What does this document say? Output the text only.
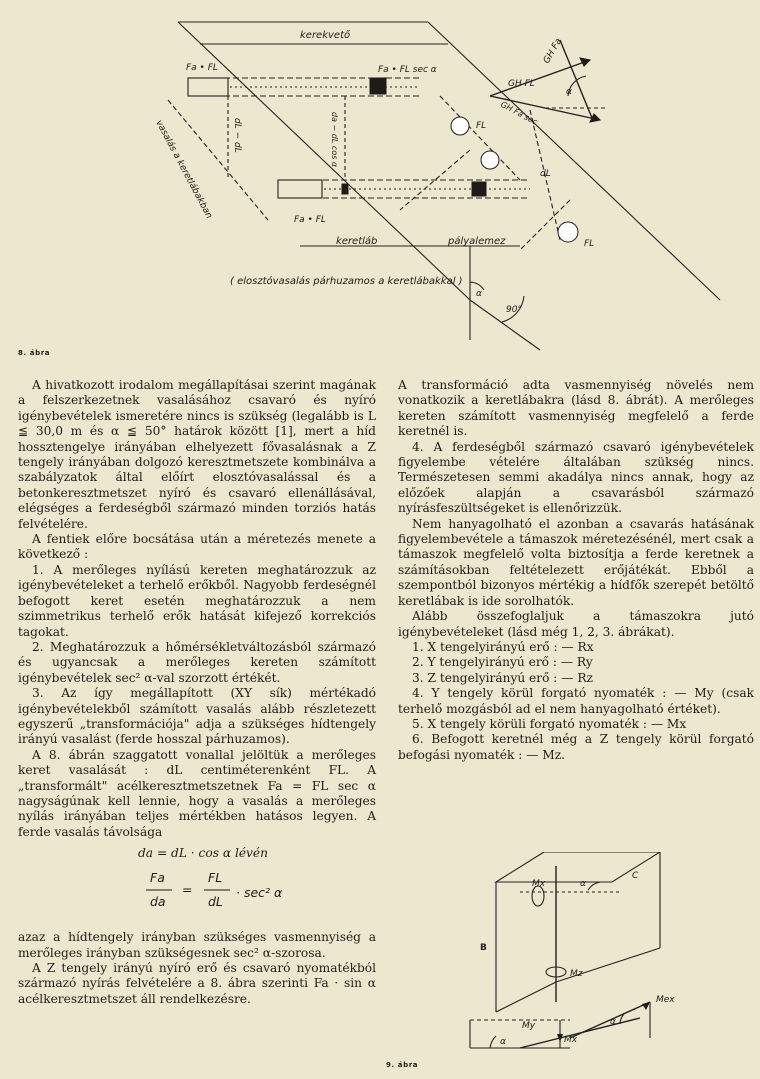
kerekvető
Fa • FL	Fa • FL sec α
GH FL
GH Fa
GH Fa sec
dL − dL	da − dL cos α
dL
FL
FL
Fa • FL
vasalás a keretlábakban
keretláb	pályalemez
( elosztóvasalás párhuzamos a keretlábakkal )
α
α
90°
8. ábra

A hivatkozott irodalom megállapításai szerint magának a felszerkezetnek vasalásához csavaró és nyíró igénybevételek ismeretére nincs is szükség (legalább is L ≦ 30,0 m és α ≦ 50° határok között [1], mert a híd hossztengelye irányában elhelyezett fővasalásnak a Z tengely irányában dolgozó keresztmetszete kombinálva a szabályzatok által előírt elosztóvasalással és a betonkeresztmetszet nyíró és csavaró ellenállásával, elégséges a ferdeségből származó minden torziós hatás felvételére.

A fentiek előre bocsátása után a méretezés menete a következő :

1. A merőleges nyílású kereten meghatározzuk az igénybevételeket a terhelő erőkből. Nagyobb ferdeségnél befogott keret esetén meghatározzuk a nem szimmetrikus terhelő erők hatását kifejező korrekciós tagokat.

2. Meghatározzuk a hőmérsékletváltozásból származó és ugyancsak a merőleges kereten számított igénybevételek sec² α-val szorzott értékét.

3. Az így megállapított (XY sík) mértékadó igénybevételekből számított vasalás alább részletezett egyszerű „transformációja" adja a szükséges hídtengely irányú vasalást (ferde hosszal párhuzamos).

A 8. ábrán szaggatott vonallal jelöltük a merőleges keret vasalását : dL centiméterenként FL. A „transformált" acélkeresztmetszetnek Fa = FL sec α nagyságúnak kell lennie, hogy a vasalás a merőleges nyílás irányában teljes mértékben hatásos legyen. A ferde vasalás távolsága

da = dL · cos α lévén
Fa
da
=
FL
dL
· sec² α

azaz a hídtengely irányban szükséges vasmennyiség a merőleges irányban szükségesnek sec² α-szorosa.

A Z tengely irányú nyíró erő és csavaró nyomatékból származó nyírás felvételére a 8. ábra szerinti Fa · sin α acélkeresztmetszet áll rendelkezésre.

A transformáció adta vasmennyiség növelés nem vonatkozik a keretlábakra (lásd 8. ábrát). A merőleges kereten számított vasmennyiség megfelelő a ferde keretnél is.

4. A ferdeségből származó csavaró igénybevételek figyelembe vételére általában szükség nincs. Természetesen semmi akadálya nincs annak, hogy az előzőek alapján a csavarásból származó nyírásfeszültségeket is ellenőrizzük.

Nem hanyagolható el azonban a csavarás hatásának figyelembevétele a támaszok méretezésénél, mert csak a támaszok megfelelő volta biztosítja a ferde keretnek a számításokban feltételezett erőjátékát. Ebből a szempontból bizonyos mértékig a hídfők szerepét betöltő keretlábak is ide sorolhatók.

Alább összefoglaljuk a támaszokra jutó igénybevételeket (lásd még 1, 2, 3. ábrákat).

1. X tengelyirányú erő : — Rx

2. Y tengelyirányú erő : — Ry

3. Z tengelyirányú erő : — Rz

4. Y tengely körül forgató nyomaték : — My (csak terhelő mozgásból ad el nem hanyagolható értéket).

5. X tengely körüli forgató nyomaték : — Mx

6. Befogott keretnél még a Z tengely körül forgató befogási nyomaték : — Mz.

Mx
C
B
α
Mz
Mex
α
My
Mx
α
9. ábra
